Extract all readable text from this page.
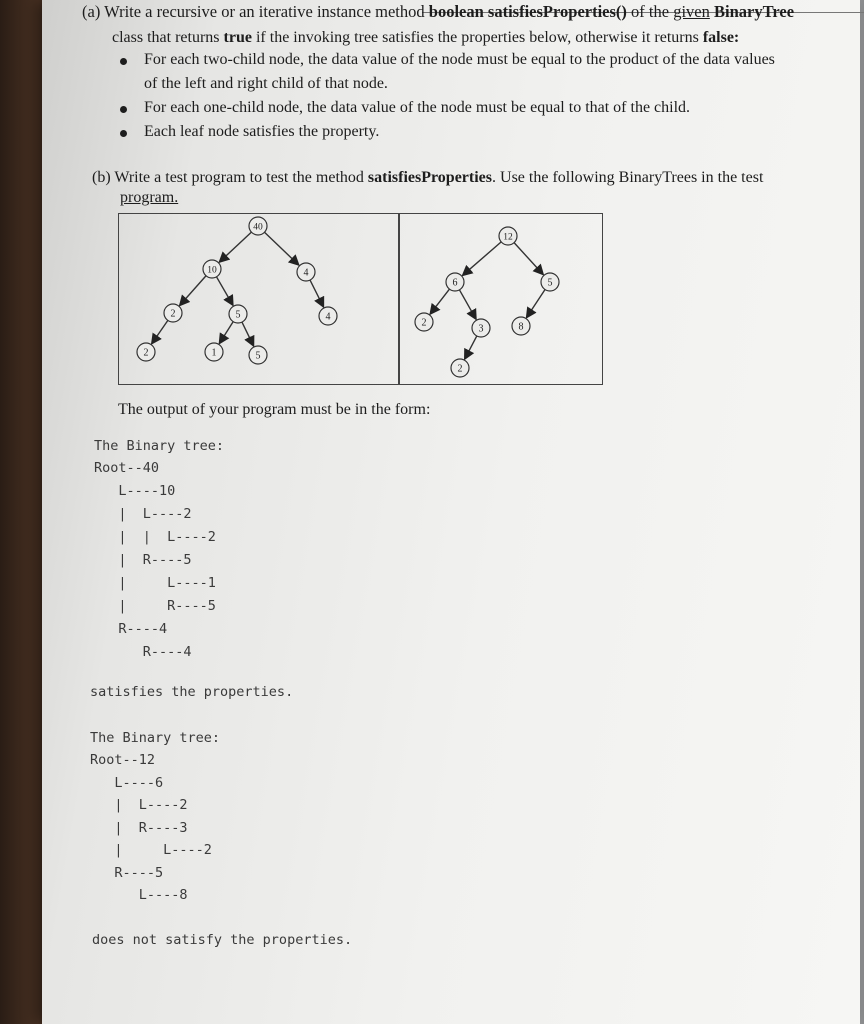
(a) Write a recursive or an iterative instance method boolean satisfiesProperties() of the given BinaryTree
class that returns true if the invoking tree satisfies the properties below, otherwise it returns false:
For each two-child node, the data value of the node must be equal to the product of the data values
of the left and right child of that node.
For each one-child node, the data value of the node must be equal to that of the child.
Each leaf node satisfies the property.
(b) Write a test program to test the method satisfiesProperties. Use the following BinaryTrees in the test
program.
40
10	4
2	5	4
2	1	5
12
6	5
2
3	8
2
The output of your program must be in the form:
The Binary tree:
Root--40
L----10
|  L----2
|  |  L----2
|  R----5
|     L----1
|     R----5
R----4
R----4
satisfies the properties.
The Binary tree:
Root--12
L----6
|  L----2
|  R----3
|     L----2
R----5
L----8
does not satisfy the properties.
